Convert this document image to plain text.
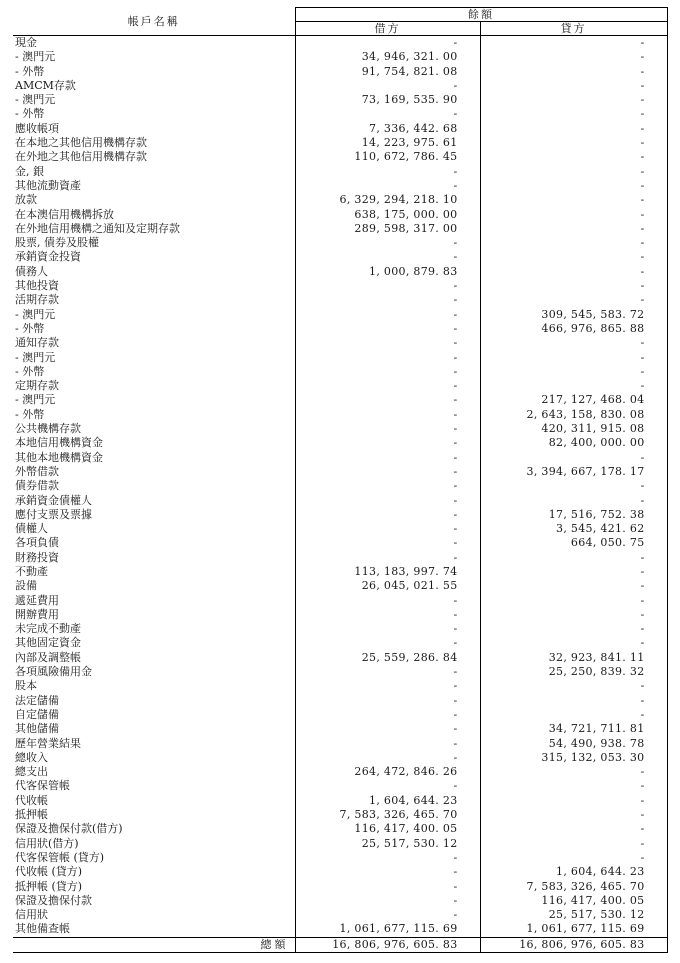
帳戶名稱	餘額	
	借方	貸方
現金	-	-
- 澳門元	34, 946, 321. 00	-
- 外幣	91, 754, 821. 08	-
AMCM存款	-	-
- 澳門元	73, 169, 535. 90	-
- 外幣	-	-
應收帳項	7, 336, 442. 68	-
在本地之其他信用機構存款	14, 223, 975. 61	-
在外地之其他信用機構存款	110, 672, 786. 45	-
金, 銀	-	-
其他流動資產	-	-
放款	6, 329, 294, 218. 10	-
在本澳信用機構拆放	638, 175, 000. 00	-
在外地信用機構之通知及定期存款	289, 598, 317. 00	-
股票, 債券及股權	-	-
承銷資金投資	-	-
債務人	1, 000, 879. 83	-
其他投資	-	-
活期存款	-	-
- 澳門元	-	309, 545, 583. 72
- 外幣	-	466, 976, 865. 88
通知存款	-	-
- 澳門元	-	-
- 外幣	-	-
定期存款	-	-
- 澳門元	-	217, 127, 468. 04
- 外幣	-	2, 643, 158, 830. 08
公共機構存款	-	420, 311, 915. 08
本地信用機構資金	-	82, 400, 000. 00
其他本地機構資金	-	-
外幣借款	-	3, 394, 667, 178. 17
債券借款	-	-
承銷資金債權人	-	-
應付支票及票據	-	17, 516, 752. 38
債權人	-	3, 545, 421. 62
各項負債	-	664, 050. 75
財務投資	-	-
不動產	113, 183, 997. 74	-
設備	26, 045, 021. 55	-
遞延費用	-	-
開辦費用	-	-
未完成不動產	-	-
其他固定資金	-	-
內部及調整帳	25, 559, 286. 84	32, 923, 841. 11
各項風險備用金	-	25, 250, 839. 32
股本	-	-
法定儲備	-	-
自定儲備	-	-
其他儲備	-	34, 721, 711. 81
歷年營業結果	-	54, 490, 938. 78
總收入	-	315, 132, 053. 30
總支出	264, 472, 846. 26	-
代客保管帳	-	-
代收帳	1, 604, 644. 23	-
抵押帳	7, 583, 326, 465. 70	-
保證及擔保付款(借方)	116, 417, 400. 05	-
信用狀(借方)	25, 517, 530. 12	-
代客保管帳 (貸方)	-	-
代收帳 (貸方)	-	1, 604, 644. 23
抵押帳 (貸方)	-	7, 583, 326, 465. 70
保證及擔保付款	-	116, 417, 400. 05
信用狀	-	25, 517, 530. 12
其他備查帳	1, 061, 677, 115. 69	1, 061, 677, 115. 69
總額	16, 806, 976, 605. 83	16, 806, 976, 605. 83
